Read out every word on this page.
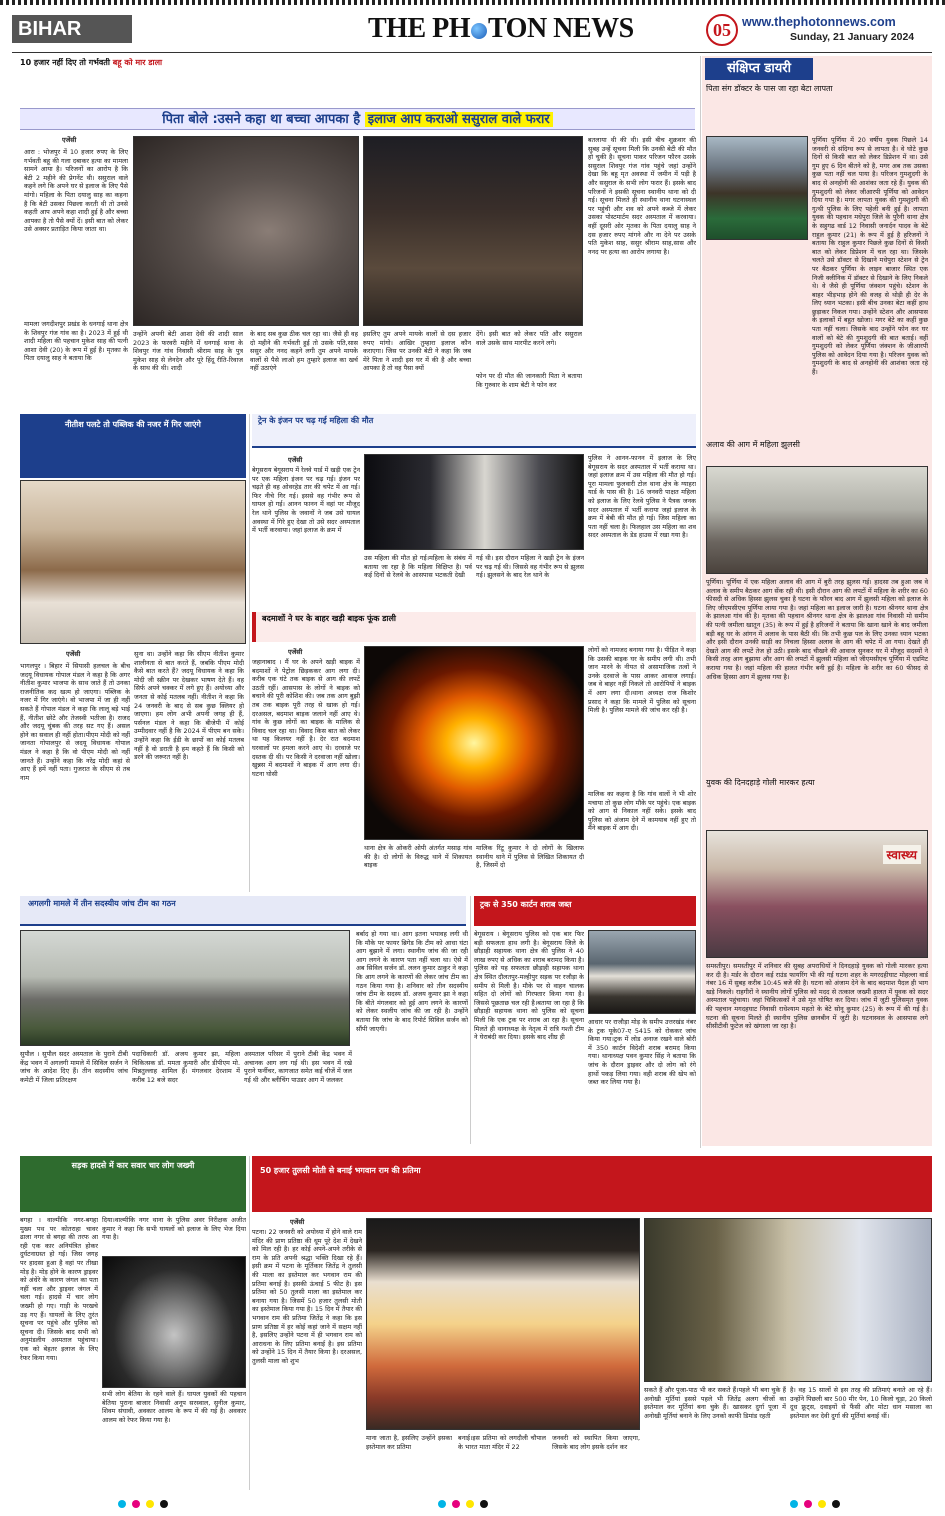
BIHAR	THE PH TON NEWS	05 www.thephotonnews.com
Sunday, 21 January 2024
10 हजार नहीं दिए तो गर्भवती बहू को मार डाला
पिता बोले :उसने कहा था बच्चा आपका है इलाज आप कराओ ससुराल वाले फरार
एजेंसी
आरा : भोजपुर में 10 हजार रुपए के लिए गर्भवती बहू की गला दबाकर हत्या का मामला सामने आया है। परिजनों का आरोप है कि बेटी 2 महीने की प्रेगनेंट थी। ससुराल वाले कहने लगे कि अपने घर से इलाज के लिए पैसे मांगो। महिला के पिता दयालु साह का कहना है कि बेटी उसका पिछला करती थी तो उनसे कहती आप अपने कहा शादी हुई है और बच्चा आपका है तो पैसे क्यों दें। इसी बात को लेकर उसे अक्सर प्रताड़ित किया जाता था।
मामला जगदीशपुर प्रखंड के धनगाई थाना क्षेत्र के शिवपुर गंज गांव का है। 2023 में हुई थी शादी महिला की पहचान मुकेश साह की पत्नी आशा देवी (20) के रूप में हुई है। मृतका के पिता दयालु साह ने बताया कि
उन्होंने अपनी बेटी आशा देवी की शादी साल 2023 के फरवरी महीने में धनगाई थाना के शिवपुर गंज गांव निवासी श्रीराम साह के पुत्र मुकेश साह से लेनदेन और पूरे हिंदू रीति-रिवाज के साथ की थी। शादी
के बाद सब कुछ ठीक चल रहा था। जैसे ही वह दो महीने की गर्भवती हुई तो उसके पति,सास ससुर और ननद कहने लगी तुम अपने मायके वालों से पैसे लाओ हम तुम्हारे इलाज का खर्च नहीं उठाएंगे
इसलिए तुम अपने मायके वालों से दस हजार रुपए मांगो। आखिर तुम्हारा इलाज कौन कराएगा। जिस पर उनकी बेटी ने कहा कि जब मेरे पिता ने शादी इस घर में की है और बच्चा आपका है तो वह पैसा क्यों
देंगे। इसी बात को लेकर पति और ससुराल वाले उसके साथ मारपीट करने लगे।
फोन पर दी मौत की जानकारी पिता ने बताया कि गुरुवार के शाम बेटी ने फोन कर
बतलाया थी की थी। इसी बीच शुक्रवार की सुबह उन्हें सूचना मिली कि उनकी बेटी की मौत हो चुकी है। सूचना पाकर परिजन फौरन उसके ससुराल शिवपुर गंज गांव पहुंचे जहां उन्होंने देखा कि बहू मृत अवस्था में जमीन में पड़ी है और ससुराल के सभी लोग फरार हैं। इसके बाद परिजनों ने इसकी सूचना स्थानीय थाना को दी गई। सूचना मिलते ही स्थानीय थाना घटनास्थल पर पहुंची और शव को अपने कब्जे में लेकर उसका पोस्टमार्टम सदर अस्पताल में करवाया। वहीं दूसरी ओर मृतका के पिता दयालु साह ने दस हजार रुपए मांगने और ना देने पर उसके पति मुकेश साह, ससुर श्रीराम साह,सास और ननद पर हत्या का आरोप लगाया है।
संक्षिप्त डायरी
पिता संग डॉक्टर के पास जा रहा बेटा लापता
पूर्णिया पूर्णिया में 20 वर्षीय युवक पिछले 14 जनवरी से संदिग्ध रूप से लापता है। वे घोटे कुछ दिनों से किसी बात को लेकर डिप्रेशन में था। उसे गुम हुए 6 दिन बीतने को है, मगर अब तक उसका कुछ पता नहीं चल पाया है। परिजन गुमशुदगी के बाद से अनहोनी की आशंका जता रहे हैं। युवक की गुमशुदगी को लेकर जीआरपी पूर्णिया को आवेदन दिया गया है। मगर लापता युवक की गुमशुदगी की गुत्थी पुलिस के लिए पहेली बनी हुई है। लापता युवक की पहचान मधेपुरा जिले के पुरैनी थाना क्षेत्र के सहुगढ वार्ड 12 निवासी जनार्दन यादव के बेटे राहुल कुमार (21) के रूप में हुई है हरिजनों ने बताया कि राहुल कुमार पिछले कुछ दिनों से किसी बात को लेकर डिप्रेशन में चल रहा था। जिसके चलते उसे डॉक्टर से दिखाने मधेपुरा स्टेशन से ट्रेन पर बैठकर पूर्णिया के लाइन बाजार स्थित एक निजी क्लीनिक में डॉक्टर से दिखाने के लिए निकले थे। वे जैसे ही पूर्णिया जंक्शन पहुंचे। स्टेशन के बाहर भीड़भाड़ होने की वजह से थोड़ी ही देर के लिए ध्यान भटका। इसी बीच उनका बेटा कहीं हाथ छुड़ाकर निकल गया। उन्होंने स्टेशन और आसपास के इलाकों में बहुत खोजा। मगर बेटे का कहीं कुछ पता नहीं चला। जिसके बाद उन्होंने फोन कर घर वालों को बेटे की गुमशुदगी की बात बताई। वहीं गुमशुदगी को लेकर पूर्णिया जंक्शन के जीआरपी पुलिस को आवेदन दिया गया है। परिजन युवक को गुमशुदगी के बाद से अनहोनी की आशंका जता रहे हैं।
अलाव की आग में महिला झुलसी
पूर्णिया। पूर्णिया में एक महिला अलाव की आग में बुरी तरह झुलस गई। हादसा तब हुआ जब वे अलाव के समीप बैठकर आग सेंक रही थी। इसी दौरान आग की लपटों में महिला के शरीर का 60 फीसदी से अधिक हिस्सा झुलस चुका है घटना के फौरन बाद आग में झुलसी महिला को इलाज के लिए जीएमसीएच पूर्णिया लाया गया है। जहां महिला का इलाज जारी है। घटना श्रीनगर थाना क्षेत्र के झालआ गांव की है। मृतका की पहचान श्रीनगर थाना क्षेत्र के झालआ गांव निवासी मो समीम की पत्नी जमीला खातून (35) के रूप में हुई है हरिजनों ने बताया कि खाना खाने के बाद जमीला बड़ी बहू घर के आंगन में अलाव के पास बैठी थी। कि तभी कुछ पल के लिए उनका ध्यान भटका और इसी दौरान उनकी साड़ी का निचला हिस्सा अलाव के आग की चपेट में आ गया। देखते ही देखते आग की लपटें तेज हो उठी। इसके बाद चीखने की आवाज सुनकर घर में मौजूद सदस्यों ने किसी तरह आग बुझाया और आग की लपटों में झुलसी महिला को जीएमसीएच पूर्णिया में एडमिट कराया गया है। जहां महिला की हालत गंभीर बनी हुई है। महिला के शरीर का 60 फीसद से अधिक हिस्सा आग में झुलस गया है।
युवक की दिनदहाड़े गोली मारकर हत्या
स्वास्थ्य
समस्तीपुर। समस्तीपुर में शनिवार की सुबह अपराधियों ने दिनदहाड़े युवक को गोली मारकर हत्या कर दी है। मर्डर के दौरान कई राउंड फायरिंग भी की गई घटना शहर के मगरदहीघाट मोहल्ला वार्ड नंबर 16 में सुबह करीब 10:45 बजे की है। घटना को अंजाम देने के बाद बदमाश पैदल ही भाग खड़े निकले। राहगीरों ने स्थानीय लोगों पुलिस को मदद से तत्काल जख्मी हालत में युवक को सदर अस्पताल पहुंचाया। जहां चिकित्सकों ने उसे मृत घोषित कर दिया। जांच में जुटी पुलिसमृत युवक की पहचान मगदहघाट निवासी राधेश्याम महतो के बेटे सोनू कुमार (25) के रूप में की गई है। घटना की सूचना मिलते ही स्थानीय पुलिस छानबीन में जुटी है। घटनास्थल के आसपास लगे सीसीटीवी फुटेज को खंगाला जा रहा है।
नीतीश पलटे तो पब्लिक की नजर में गिर जाएंगे
एजेंसी
भागलपुर । बिहार में सियासी हलचल के बीच जदयू विधायक गोपाल मंडल ने कहा है कि अगर नीतीश कुमार भाजपा के साथ जाते हैं तो उनका राजनीतिक कद खत्म हो जाएगा। पब्लिक के नजर में गिर जाएंगे। वो भाजपा में जा ही नहीं सकते हैं गोपाल मंडल ने कहा कि लालू बड़े भाई हैं, नीतीश छोटे और तेजस्वी भतीजा है। राजद और जदयू चुंबक की तरह सट गए हैं। असल होने का सवाल ही नहीं होता।पीएम मोदी को नहीं जानता गोपालपुर से जदयू विधायक गोपाल मंडल ने कहा है कि वो पीएम मोदी को नहीं जानते हैं। उन्होंने कहा कि नरेंद्र मोदी कहां से आए हैं हमें नहीं पता। गुजरात के सीएम से तब नाम
सुना था। उन्होंने कहा कि सीएम नीतीश कुमार शालीनता से बात करते हैं, जबकि पीएम मोदी कैसे बात करते हैं? जदयू विधायक ने कहा कि मोदी जी स्क्रीन पर देखकर भाषण देते हैं। वह सिर्फ अपने चक्कर में लगे हुए हैं। अयोध्या और जनता से कोई मतलब नहीं। नीतीश ने कहा कि 24 जनवरी के बाद से सब कुछ क्लियर हो जाएगा। हम लोग अभी अपनी जगह ही हैं, पर्सनल मंडल ने कहा कि बीजेपी में कोई उम्मीदवार नहीं है कि 2024 में पीएम बन सके। उन्होंने कहा कि ईडी के छापों का कोई मतलब नहीं है वो डराती है हम कहते हैं कि किसी को डरने की जरूरत नहीं है।
ट्रेन के इंजन पर चढ़ गई महिला की मौत
एजेंसी
बेगूसराय बेगूसराय में रेलवे यार्ड में खड़ी एक ट्रेन पर एक महिला इंजन पर चढ़ गई। इंजन पर चढ़ते ही वह ओवरहेड तार की चपेट में आ गई। फिर नीचे गिर गई। इससे वह गंभीर रूप से घायल हो गई। आनन फानन में वहां पर मौजूद रेल थाने पुलिस के जवानों ने जब उसे घायल अवस्था में गिरे हुए देखा तो उसे सदर अस्पताल में भर्ती करवाया। जहां इलाज के क्रम में
उस महिला की मौत हो गई।महिला के संबंध में बताया जा रहा है कि महिला विक्षिप्त है। पर्व कई दिनों से रेलवे के आसपास भटकती देखी
गई थी। इस दौरान महिला ने खड़ी ट्रेन के इंजन पर चढ़ गई थी। जिससे वह गंभीर रूप से झुलस गई। झुलसने के बाद रेल थाने के
पुलिस ने आनन-फानन में इलाज के लिए बेगूसराय के सदर अस्पताल में भर्ती कराया था। जहां इलाज क्रम में उस महिला की मौत हो गई। पूरा मामला फुलवारी टोल थाना क्षेत्र के ग्याहरा यार्ड के पास की है। 16 जनवरी पाक्षत महिला को इलाज के लिए रेलवे पुलिस ने पैत्रक जनक सदर अस्पताल में भर्ती कराया जहां इलाज के क्रम में बेबी की मौत हो गई। जिस महिला का पता नहीं चला है। फिलहाल उस महिला का शव सदर अस्पताल के डेड हाउस में रखा गया है।
बदमाशों ने घर के बाहर खड़ी बाइक फूंक डाली
एजेंसी
जहानाबाद । मैं घर के अपने खड़ी बाइक में बदमाशों ने पेट्रोल छिड़ककर आग लगा दी। करीब एक घंटे तक बाइक से आग की लपटें उठती रहीं। आसपास के लोगों ने बाइक को बचाने की पूरी कोशिश की। जब तक आग बुझी तब तक बाइक पूरी तरह से खाक हो गई। दरअसल, बदमाश बाइक जलाने नहीं आए थे। गांव के कुछ लोगों का बाइक के मालिक से विवाद चल रहा था। विवाद किस बात को लेकर था यह किलयर नहीं है। देर रात बदमाश घरवालों पर हमला करने आए थे। दरवाजे पर दस्तक दी थी। पर किसी ने दरवाजा नहीं खोला। खुन्नस में बदमाशों ने बाइक में आग लगा दी। घटना घोसी
थाना क्षेत्र के ओकरी ओपी अंतर्गत मसाढ़ गांव की है। दो लोगों के विरुद्ध थाने में शिकायत बाइक
मालिक रिंटू कुमार ने दो लोगों के खिलाफ स्थानीय थाने में पुलिस से लिखित शिकायत दी है, जिसमें दो
लोगों को नामजद बनाया गया है। पीड़ित ने कहा कि उसकी बाइक घर के समीप लगी थी। तभी जान मारने के नीयत से असामाजिक तत्वों ने उनके दरवाजे के पास आकर आवाज लगाई। जब वे बाहर नहीं निकले तो आरोपियों ने बाइक में आग लगा दी।थाना अध्यक्ष राज किशोर प्रसाद ने कहा कि मामले में पुलिस को सूचना मिली है। पुलिस मामले की जांच कर रही है।
मालिक का कहना है कि गांव वालों ने भी शोर मचाया तो कुछ लोग मौके पर पहुंचे। एक बाइक को आग से निकाल नहीं सके। इसके बाद पुलिस को अंजाम देने में कामयाब नहीं हुए तो मैंने बाइक में आग दी।
अगलगी मामले में तीन सदस्यीय जांच टीम का गठन
सुपौल । सुपौल सदर अस्पताल के पुराने टीबी केंद्र भवन में अगलगी मामले में सिविल सर्जन ने जांच के आदेश दिए हैं। तीन सदस्यीय जांच कमेटी में जिला प्रतिरक्षण
पदाधिकारी डॉ. अजय कुमार झा, महिला चिकित्सक डॉ. ममता कुमारी और डीपीएम मो. मिन्नतुल्लाह शामिल हैं। मंगलवार देरशाम में करीब 12 बजे सदर
अस्पताल परिसर में पुराने टीबी केंद्र भवन में अचानक आग लग गई थी। इस भवन में रखे पुराने फर्नीचर, कागजात समेत कई चीजें में जल गई थी और ब्लीचिंग पाउडर आग में जलकर
बर्बाद हो गया था। आग इतना भयावह लगी थी कि मौके पर फायर ब्रिगेड कि टीम को आधा घंटा आग बुझाने में लगा। स्थानीय जांच की जा रही आग लगने के कारण पता नहीं चला था। ऐसे में अब सिविल सर्जन डॉ. ललन कुमार ठाकुर ने कहा कि आग लगने के कारणों की लेकर जांच टीम का गठन किया गया है। शनिवार को तीन सदस्यीय जांच टीम के सदस्य डॉ. अजय कुमार झा ने कहा कि बीते मंगलवार को हुई आग लगने के कारणों को लेकर स्थलीय जांच की जा रही है। उन्होंने बताया कि जांच के बाद रिपोर्ट सिविल सर्जन को सौंपी जाएगी।
ट्रक से 350 कार्टन शराब जब्त
बेगूसराय । बेगूसराय पुलिस को एक बार फिर बड़ी सफलता हाथ लगी है। बेगूसराय जिले के छौड़ाही सहायक थाना क्षेत्र की पुलिस ने 40 लाख रुपए से अधिक का शराब बरामद किया है।पुलिस को यह सफलता छौड़ाही सहायक थाना क्षेत्र स्थित दौलतपुर-मल्हीपुर सड़क पर रजौड़ा के समीप से मिली है। मौके पर से वाहन चालक सहित दो लोगों को गिरफ्तार किया गया है। जिससे पूछताछ चल रही है।बताया जा रहा है कि छौड़ाही सहायक थाना को पुलिस को सूचना मिली कि एक ट्रक पर शराब आ रहा है। सूचना मिलते ही थानाध्यक्ष के नेतृत्व में रात्रि गश्ती टीम ने घेराबंदी कर दिया। इसके बाद शीघ्र ही
आधार पर राजौड़ा मोड़ के समीप उत्तरखंड नंबर के ट्रक यूके07-ए 5415 को रोककर जांच किया गया।ट्रक में लोड अनाज रखने वाले बोरी में 350 कार्टन विदेशी शराब बरामद किया गया। थानाध्यक्ष पवन कुमार सिंह ने बताया कि जांच के दौरान ड्राइवर और दो लोग को रंगे हाथों पकड़ लिया गया। वही शराब की खेप को जब्त कर लिया गया है।
सड़क हादसे में कार सवार चार लोग जख्मी
बगहा । वाल्मीकि नगर-बगहा मुख्य पथ पर कोतराहा चावर ढाला नगर से बगहा की तरफ आ रही एक कार अनियंत्रित होकर दुर्घटनाग्रस्त हो गई। जिस जगह पर हादसा हुआ है वहां पर तीखा मोड़ है। मोड़ होने के कारण ड्राइवर को अंधेरे के कारण जंगल का पता नहीं चला और ड्राइवर जंगल में चला गई। हादसे में चार लोग जख्मी हो गए। गाड़ी के परखचे उड़ गए हैं। घायलों के लिए तुरंत सूचना पर पहुंचे और पुलिस को सूचना दी। जिसके बाद सभी को अनुमंडलीय अस्पताल पहुंचाया। एक को बेहतर इलाज के लिए रेफर किया गया।
दिया।वाल्मीकि नगर थाना के पुलिस अवर निरीक्षक अजीत कुमार ने कहा कि सभी घायलों को इलाज के लिए भेज दिया गया है।
सभी लोग बेतिया के रहने वाले हैं। घायल युवकों की पहचान बेतिया पुराना बाजार निवासी अनूप सरस्वाल, सुनील कुमार, शिवम संघावी, अवकार आलम के रूप में की गई है। अवकार आलम को रेफर किया गया है।
50 हजार तुलसी मोती से बनाई भगवान राम की प्रतिमा
एजेंसी
पटना। 22 जनवरी को अयोध्या में होने वाले राम मंदिर की प्राण प्रतिष्ठा की धूम पूरे देश में देखने को मिल रही है। हर कोई अपने-अपने तरीके से राम के प्रति अपनी श्रद्धा भक्ति दिखा रहे हैं। इसी क्रम में पटना के मूर्तिकार जितेंद्र ने तुलसी की माला का इस्तेमाल कर भगवान राम की प्रतिमा बनाई है। इसकी ऊंचाई 5 फीट है। इस प्रतिमा को 50 तुलसी माला का इस्तेमाल कर बनाया गया है। जिसमें 50 हजार तुलसी मोती का इस्तेमाल किया गया है। 15 दिन में तैयार की भगवान राम की प्रतिमा जितेंद्र ने कहा कि इस प्राण प्रतिष्ठा में हर कोई कहां जाने में सक्षम नहीं है, इसलिए उन्होंने पटना में ही भगवान राम को आराधना के लिए प्रतिमा बनाई है। इस प्रतिमा को उन्होंने 15 दिन में तैयार किया है। दरअसल, तुलसी माला को शुभ
माना जाता है, इसलिए उन्होंने इसका इस्तेमाल कर प्रतिमा
बनाई।इस प्रतिमा को लगदौली चौपाल के भारत माता मंदिर में 22
जनवरी को स्थापित किया जाएगा, जिसके बाद लोग इसके दर्शन कर
सकते हैं और पूजा-पाठ भी कर सकते हैं।पहले भी बना चुके हैं अनोखी मूर्तियां इससे पहले भी जितेंद्र अलग चीजों का इस्तेमाल कर मूर्तियां बना चुके हैं। खासकर दुर्गा पूजा में अनोखी मूर्तियां बनाने के लिए उनको काफी डिमांड रहती
है। वह 15 सालों से इस तरह की प्रतिमाएं बनाते आ रहे हैं। उन्होंने पिछली बार 500 मीर पेन, 10 किलो चूड़ा, 20 किलो दूध फ्रूट्स, दवाइयों से फैंसी और मोटा धान मसाला का इस्तेमाल कर देवी दुर्गा की मूर्तियां बनाई थीं।
